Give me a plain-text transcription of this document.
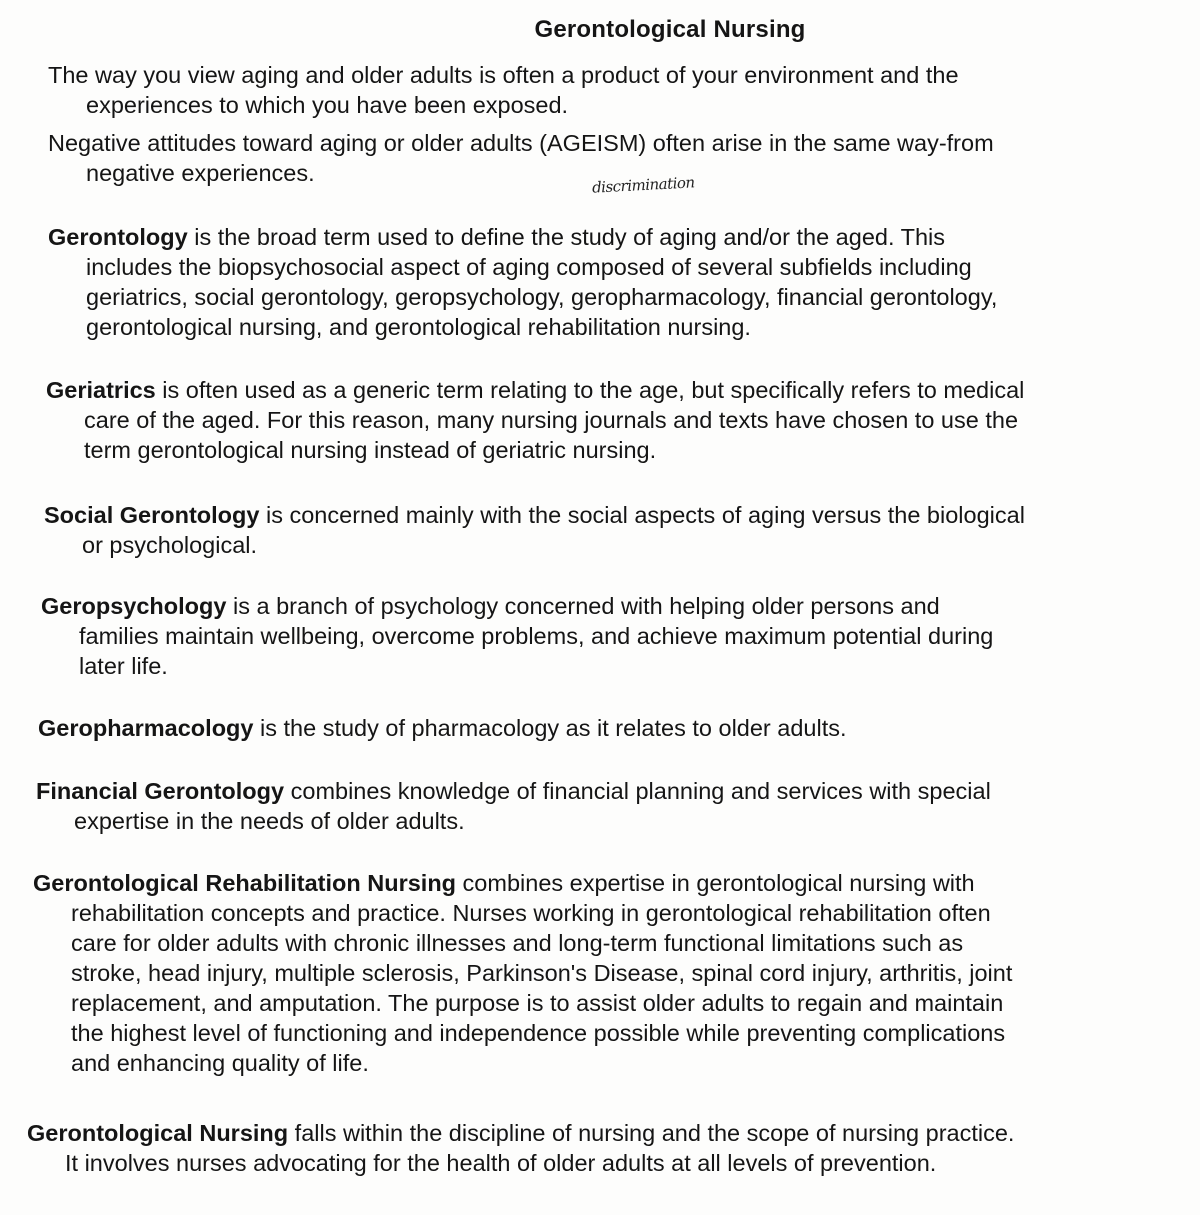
Gerontological Nursing

The way you view aging and older adults is often a product of your environment and the
experiences to which you have been exposed.

Negative attitudes toward aging or older adults (AGEISM) often arise in the same way-from
negative experiences.	discrimination

Gerontology is the broad term used to define the study of aging and/or the aged. This
includes the biopsychosocial aspect of aging composed of several subfields including
geriatrics, social gerontology, geropsychology, geropharmacology, financial gerontology,
gerontological nursing, and gerontological rehabilitation nursing.

Geriatrics is often used as a generic term relating to the age, but specifically refers to medical
care of the aged. For this reason, many nursing journals and texts have chosen to use the
term gerontological nursing instead of geriatric nursing.

Social Gerontology is concerned mainly with the social aspects of aging versus the biological
or psychological.

Geropsychology is a branch of psychology concerned with helping older persons and
families maintain wellbeing, overcome problems, and achieve maximum potential during
later life.

Geropharmacology is the study of pharmacology as it relates to older adults.

Financial Gerontology combines knowledge of financial planning and services with special
expertise in the needs of older adults.

Gerontological Rehabilitation Nursing combines expertise in gerontological nursing with
rehabilitation concepts and practice. Nurses working in gerontological rehabilitation often
care for older adults with chronic illnesses and long-term functional limitations such as
stroke, head injury, multiple sclerosis, Parkinson's Disease, spinal cord injury, arthritis, joint
replacement, and amputation. The purpose is to assist older adults to regain and maintain
the highest level of functioning and independence possible while preventing complications
and enhancing quality of life.

Gerontological Nursing falls within the discipline of nursing and the scope of nursing practice.
It involves nurses advocating for the health of older adults at all levels of prevention.
